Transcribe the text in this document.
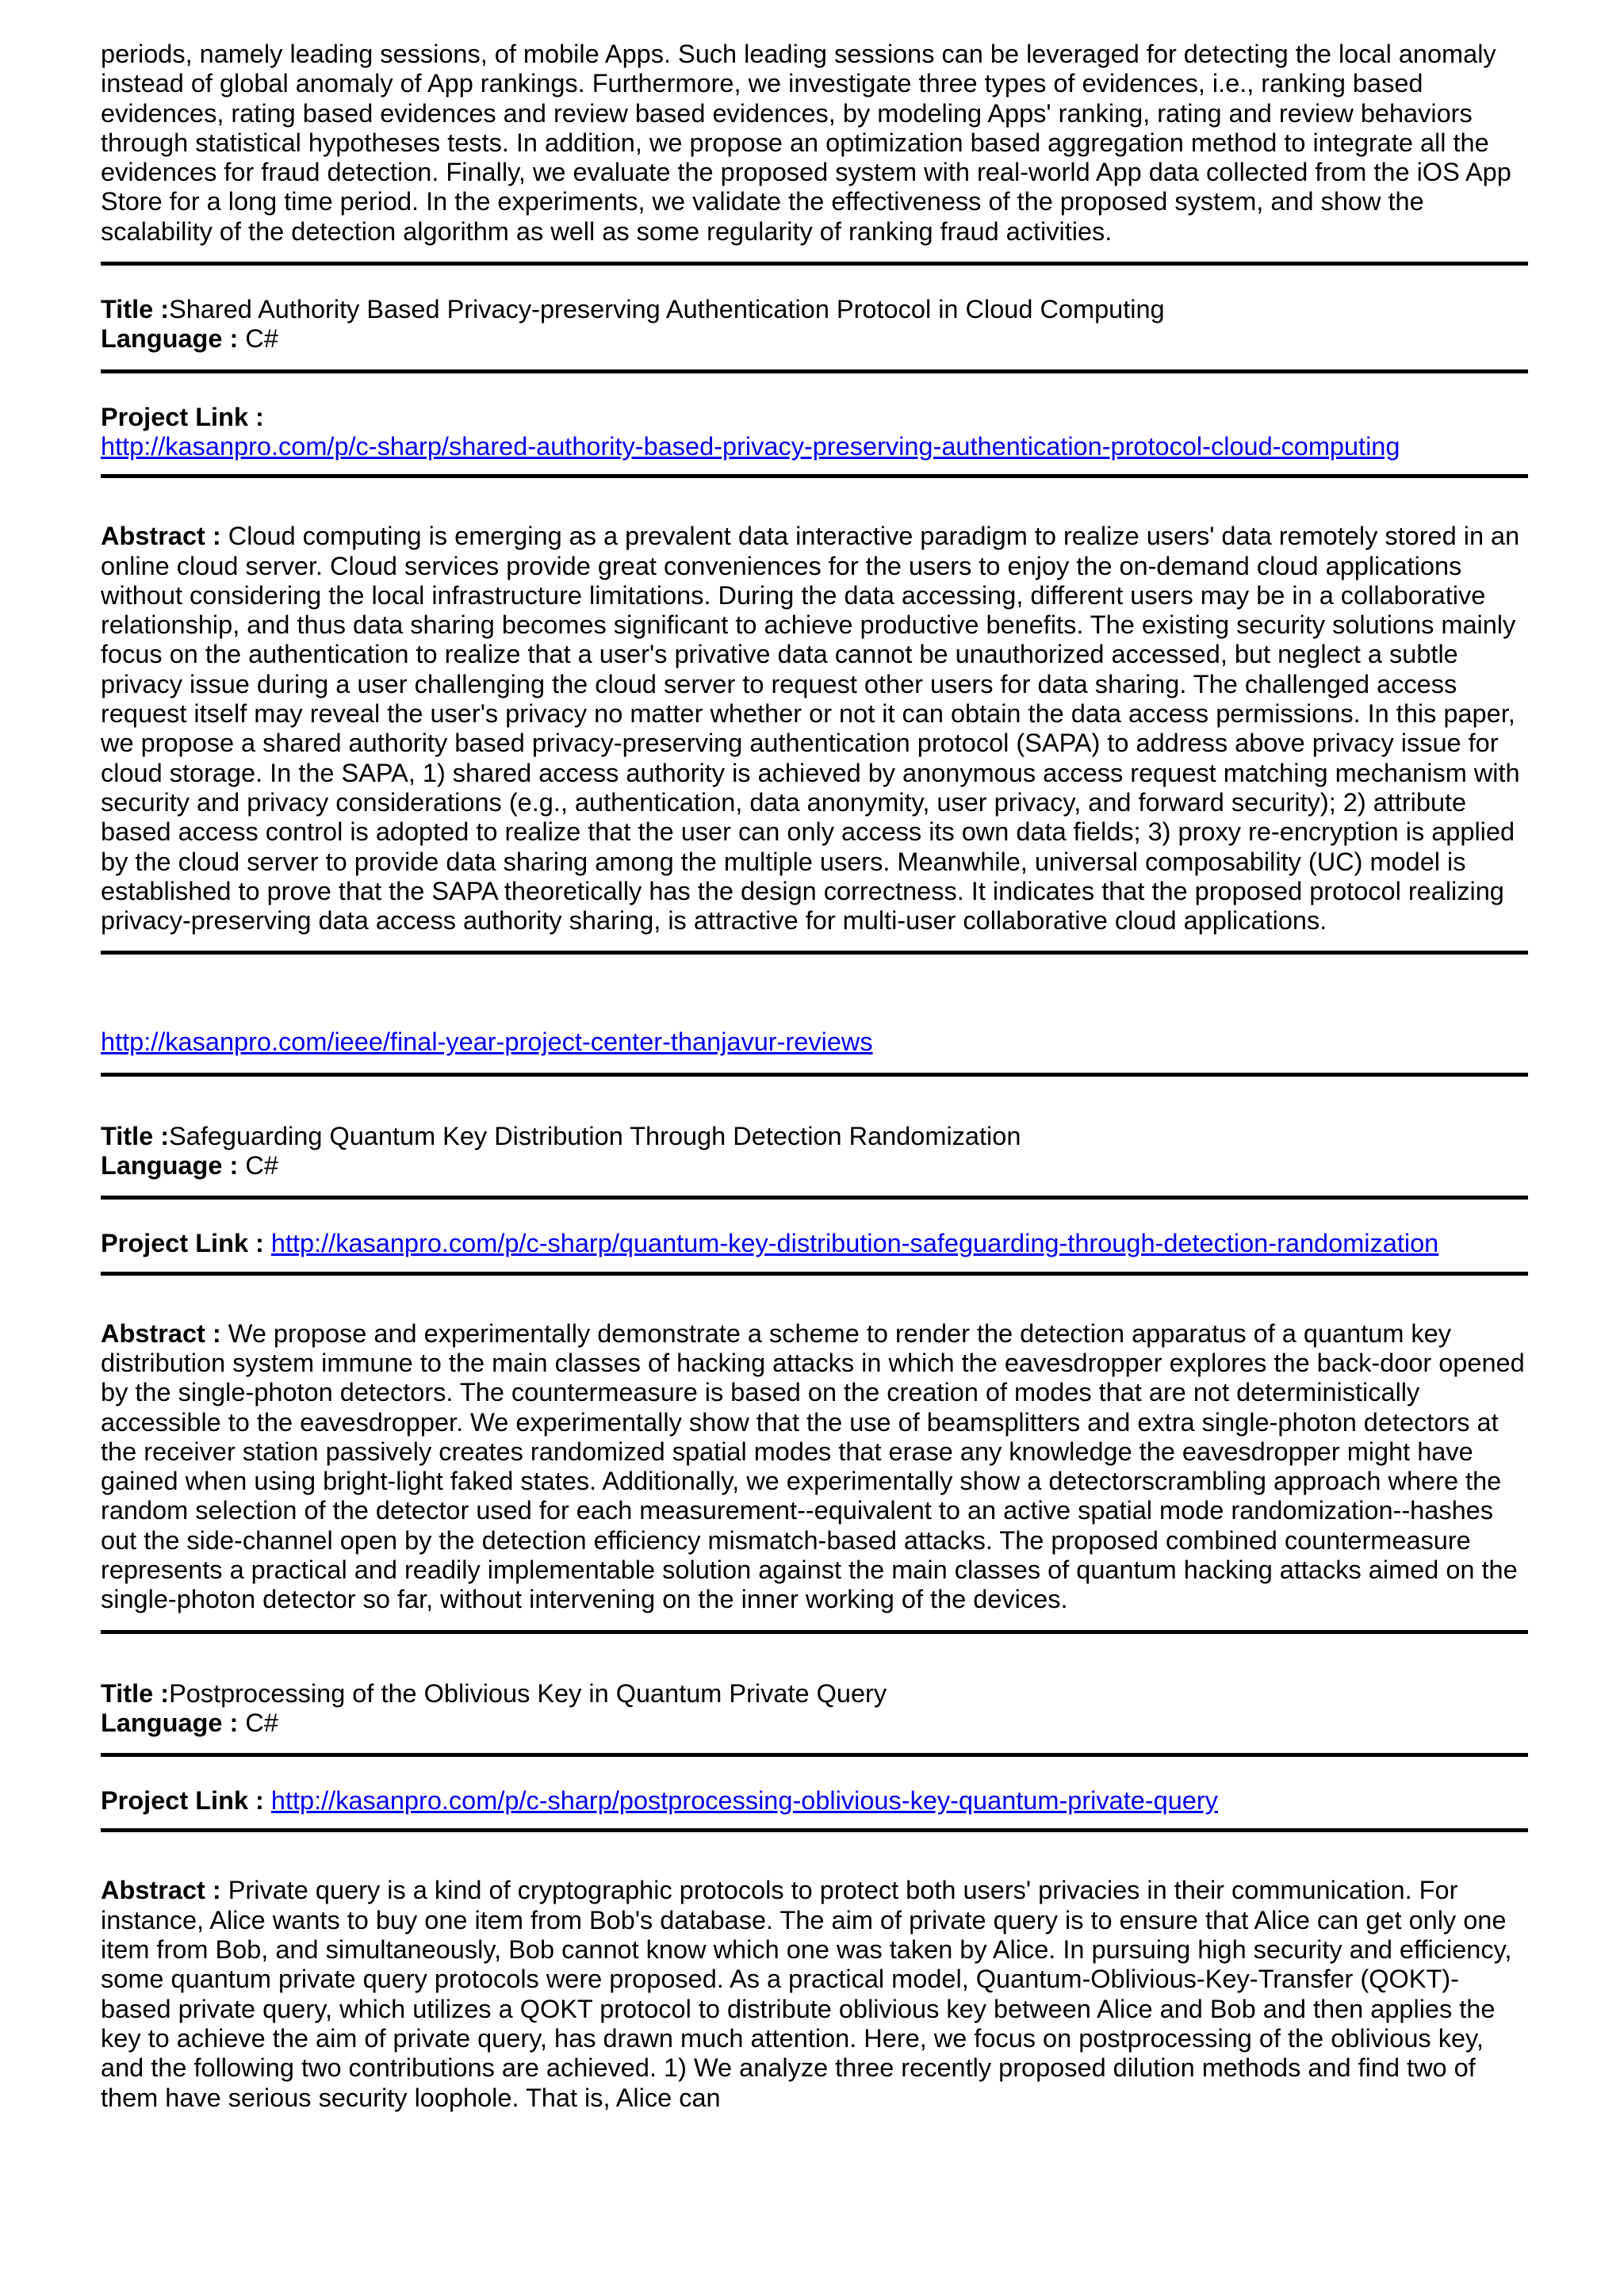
periods, namely leading sessions, of mobile Apps. Such leading sessions can be leveraged for detecting the local anomaly instead of global anomaly of App rankings. Furthermore, we investigate three types of evidences, i.e., ranking based evidences, rating based evidences and review based evidences, by modeling Apps' ranking, rating and review behaviors through statistical hypotheses tests. In addition, we propose an optimization based aggregation method to integrate all the evidences for fraud detection. Finally, we evaluate the proposed system with real-world App data collected from the iOS App Store for a long time period. In the experiments, we validate the effectiveness of the proposed system, and show the scalability of the detection algorithm as well as some regularity of ranking fraud activities.

Title :Shared Authority Based Privacy-preserving Authentication Protocol in Cloud Computing

Language : C#

Project Link :

http://kasanpro.com/p/c-sharp/shared-authority-based-privacy-preserving-authentication-protocol-cloud-computing

Abstract : Cloud computing is emerging as a prevalent data interactive paradigm to realize users' data remotely stored in an online cloud server. Cloud services provide great conveniences for the users to enjoy the on-demand cloud applications without considering the local infrastructure limitations. During the data accessing, different users may be in a collaborative relationship, and thus data sharing becomes significant to achieve productive benefits. The existing security solutions mainly focus on the authentication to realize that a user's privative data cannot be unauthorized accessed, but neglect a subtle privacy issue during a user challenging the cloud server to request other users for data sharing. The challenged access request itself may reveal the user's privacy no matter whether or not it can obtain the data access permissions. In this paper, we propose a shared authority based privacy-preserving authentication protocol (SAPA) to address above privacy issue for cloud storage. In the SAPA, 1) shared access authority is achieved by anonymous access request matching mechanism with security and privacy considerations (e.g., authentication, data anonymity, user privacy, and forward security); 2) attribute based access control is adopted to realize that the user can only access its own data fields; 3) proxy re-encryption is applied by the cloud server to provide data sharing among the multiple users. Meanwhile, universal composability (UC) model is established to prove that the SAPA theoretically has the design correctness. It indicates that the proposed protocol realizing privacy-preserving data access authority sharing, is attractive for multi-user collaborative cloud applications.

http://kasanpro.com/ieee/final-year-project-center-thanjavur-reviews

Title :Safeguarding Quantum Key Distribution Through Detection Randomization

Language : C#

Project Link : http://kasanpro.com/p/c-sharp/quantum-key-distribution-safeguarding-through-detection-randomization

Abstract : We propose and experimentally demonstrate a scheme to render the detection apparatus of a quantum key distribution system immune to the main classes of hacking attacks in which the eavesdropper explores the back-door opened by the single-photon detectors. The countermeasure is based on the creation of modes that are not deterministically accessible to the eavesdropper. We experimentally show that the use of beamsplitters and extra single-photon detectors at the receiver station passively creates randomized spatial modes that erase any knowledge the eavesdropper might have gained when using bright-light faked states. Additionally, we experimentally show a detectorscrambling approach where the random selection of the detector used for each measurement--equivalent to an active spatial mode randomization--hashes out the side-channel open by the detection efficiency mismatch-based attacks. The proposed combined countermeasure represents a practical and readily implementable solution against the main classes of quantum hacking attacks aimed on the single-photon detector so far, without intervening on the inner working of the devices.

Title :Postprocessing of the Oblivious Key in Quantum Private Query

Language : C#

Project Link : http://kasanpro.com/p/c-sharp/postprocessing-oblivious-key-quantum-private-query

Abstract : Private query is a kind of cryptographic protocols to protect both users' privacies in their communication. For instance, Alice wants to buy one item from Bob's database. The aim of private query is to ensure that Alice can get only one item from Bob, and simultaneously, Bob cannot know which one was taken by Alice. In pursuing high security and efficiency, some quantum private query protocols were proposed. As a practical model, Quantum-Oblivious-Key-Transfer (QOKT)-based private query, which utilizes a QOKT protocol to distribute oblivious key between Alice and Bob and then applies the key to achieve the aim of private query, has drawn much attention. Here, we focus on postprocessing of the oblivious key, and the following two contributions are achieved. 1) We analyze three recently proposed dilution methods and find two of them have serious security loophole. That is, Alice can
